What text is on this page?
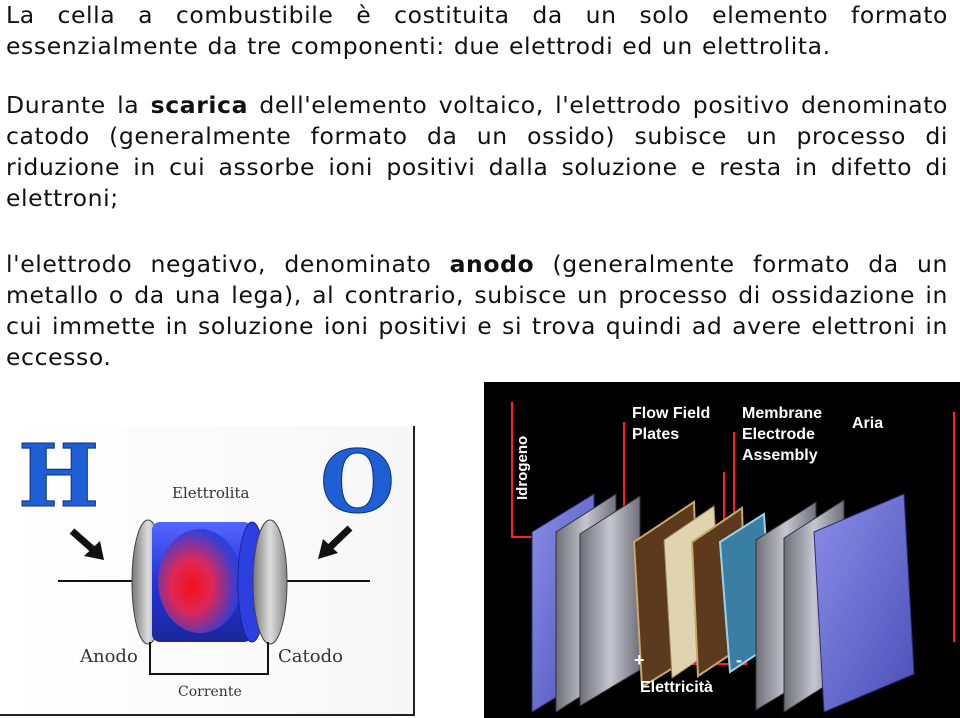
La cella a combustibile è costituita da un solo elemento formato essenzialmente da tre componenti: due elettrodi ed un elettrolita.

Durante la scarica dell'elemento voltaico, l'elettrodo positivo denominato catodo (generalmente formato da un ossido) subisce un processo di riduzione in cui assorbe ioni positivi dalla soluzione e resta in difetto di elettroni;

l'elettrodo negativo, denominato anodo (generalmente formato da un metallo o da una lega), al contrario, subisce un processo di ossidazione in cui immette in soluzione ioni positivi e si trova quindi ad avere elettroni in eccesso.

H	O
Elettrolita
Anodo	Catodo
Corrente
Idrogeno
Flow Field
Plates
Membrane
Electrode
Assembly
Aria
+	-
Elettricità
